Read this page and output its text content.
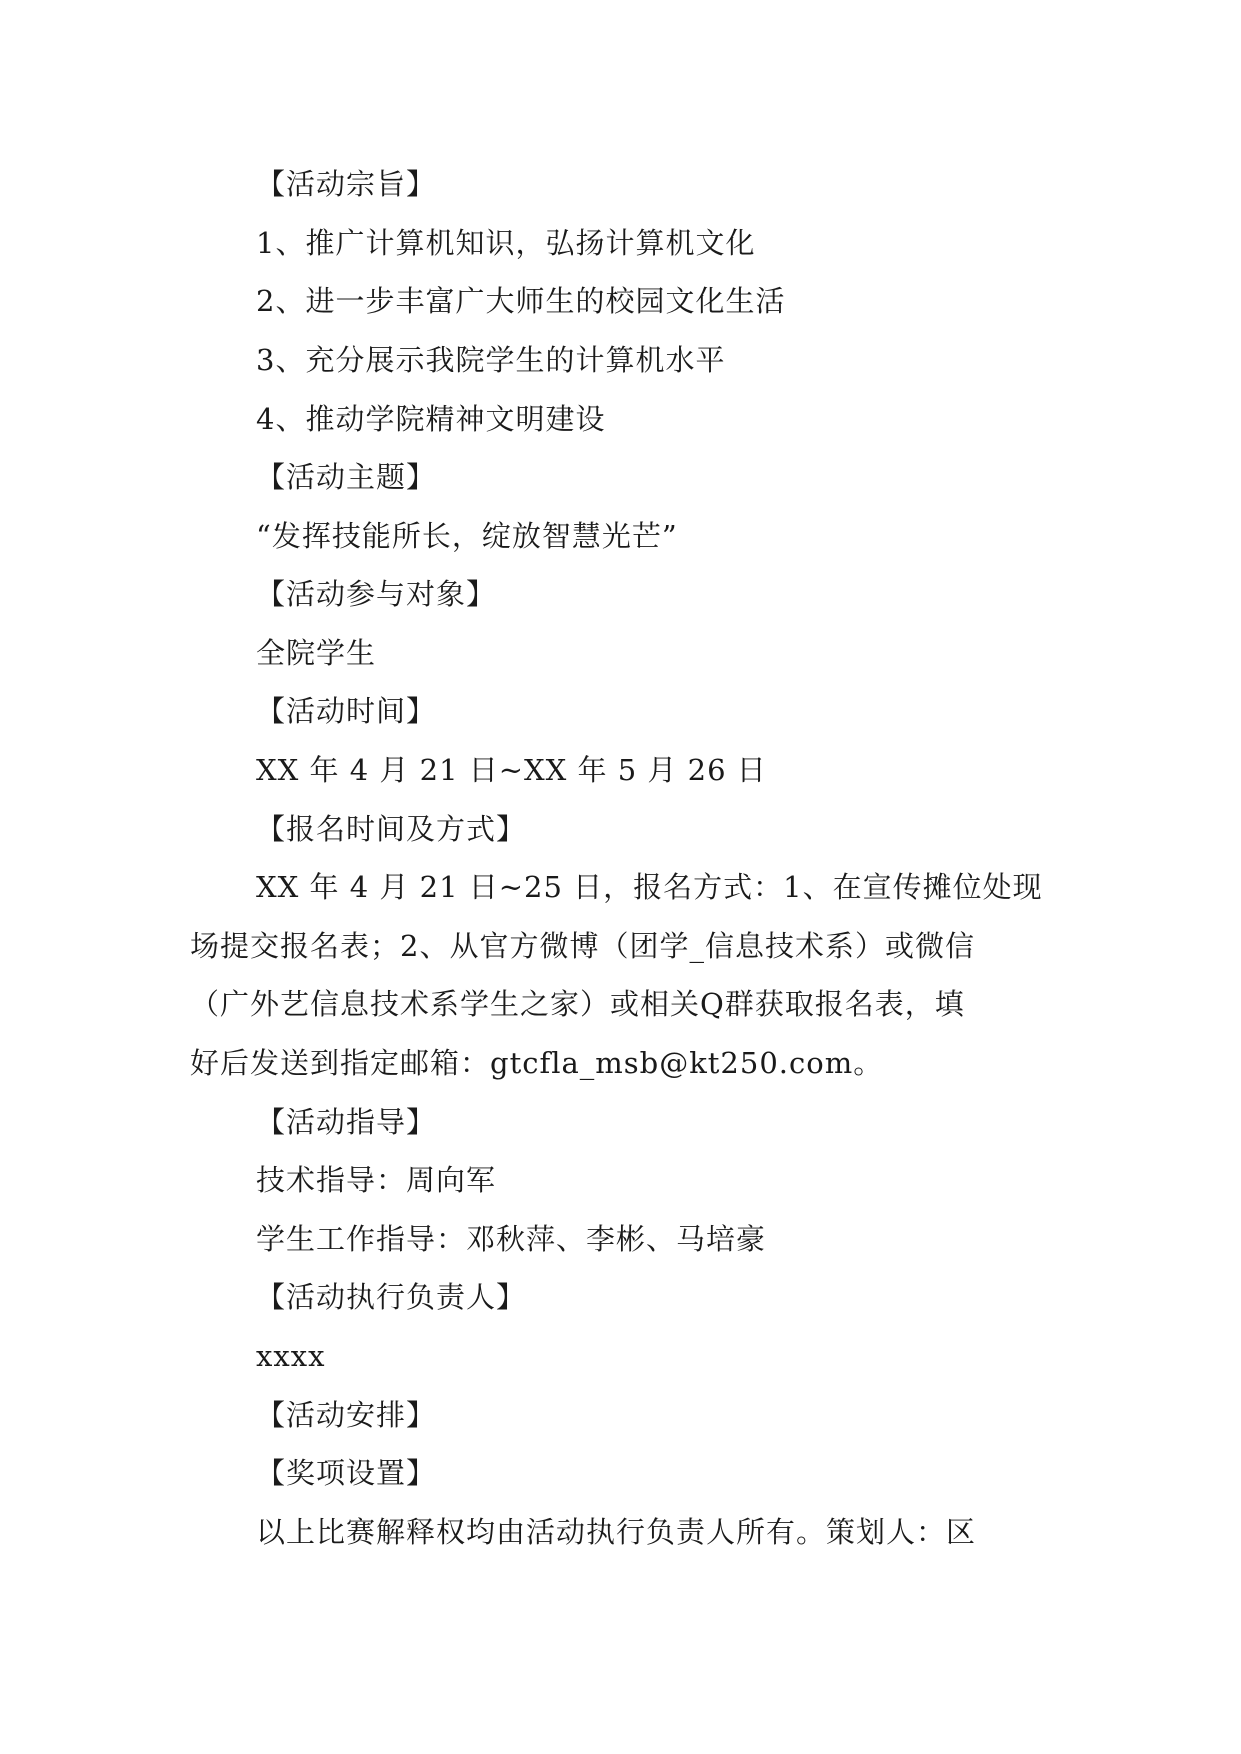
【活动宗旨】
1、推广计算机知识，弘扬计算机文化
2、进一步丰富广大师生的校园文化生活
3、充分展示我院学生的计算机水平
4、推动学院精神文明建设
【活动主题】
“发挥技能所长，绽放智慧光芒”
【活动参与对象】
全院学生
【活动时间】
XX 年 4 月 21 日~XX 年 5 月 26 日
【报名时间及方式】
XX 年 4 月 21 日~25 日，报名方式：1、在宣传摊位处现
场提交报名表；2、从官方微博（团学_信息技术系）或微信
（广外艺信息技术系学生之家）或相关Q群获取报名表，填
好后发送到指定邮箱：gtcfla_msb@kt250.com。
【活动指导】
技术指导：周向军
学生工作指导：邓秋萍、李彬、马培豪
【活动执行负责人】
xxxx
【活动安排】
【奖项设置】
以上比赛解释权均由活动执行负责人所有。策划人：区
